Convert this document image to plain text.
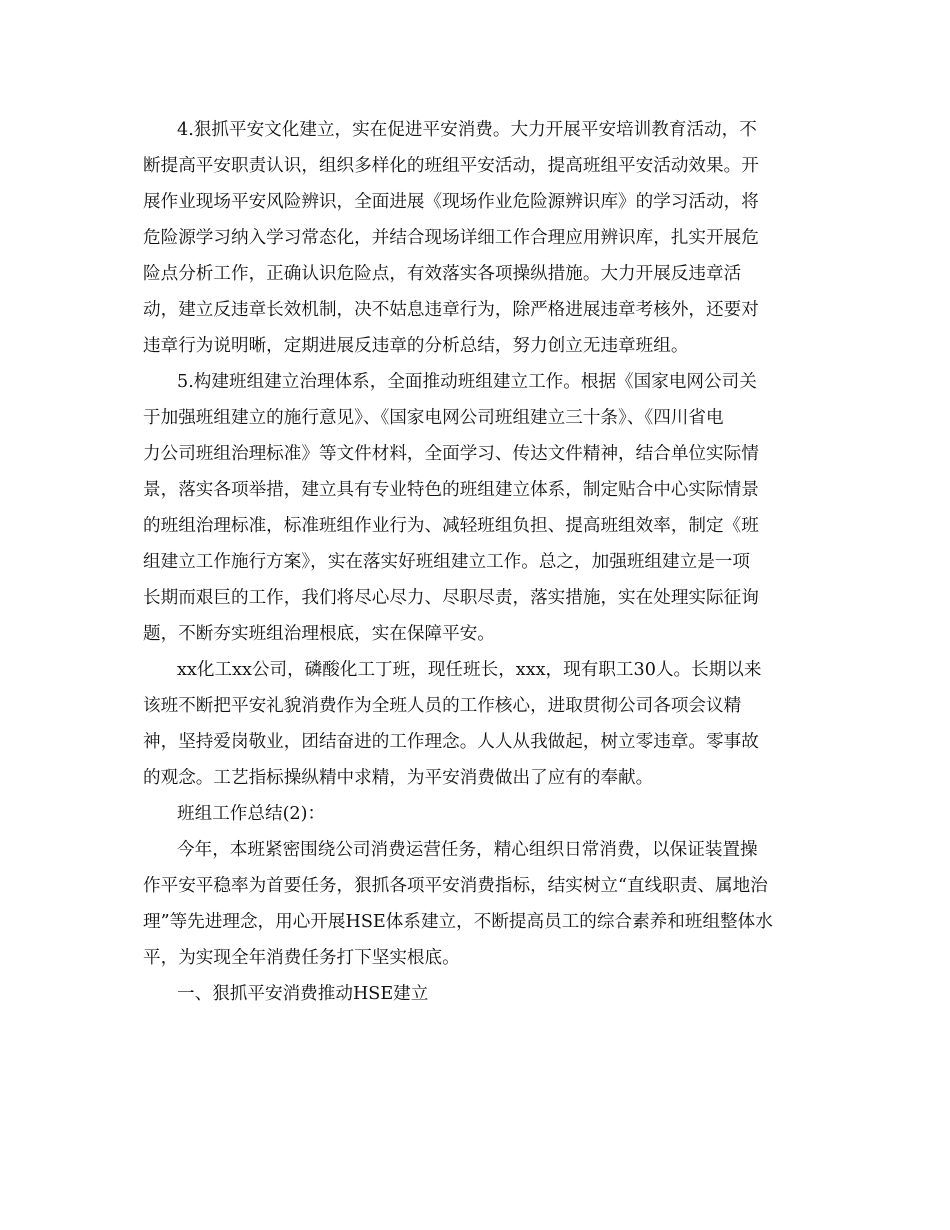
4.狠抓平安文化建立，实在促进平安消费。大力开展平安培训教育活动，不
断提高平安职责认识，组织多样化的班组平安活动，提高班组平安活动效果。开
展作业现场平安风险辨识，全面进展《现场作业危险源辨识库》的学习活动，将
危险源学习纳入学习常态化，并结合现场详细工作合理应用辨识库，扎实开展危
险点分析工作，正确认识危险点，有效落实各项操纵措施。大力开展反违章活
动，建立反违章长效机制，决不姑息违章行为，除严格进展违章考核外，还要对
违章行为说明晰，定期进展反违章的分析总结，努力创立无违章班组。
5.构建班组建立治理体系，全面推动班组建立工作。根据《国家电网公司关
于加强班组建立的施行意见》、《国家电网公司班组建立三十条》、《四川省电
力公司班组治理标准》等文件材料，全面学习、传达文件精神，结合单位实际情
景，落实各项举措，建立具有专业特色的班组建立体系，制定贴合中心实际情景
的班组治理标准，标准班组作业行为、减轻班组负担、提高班组效率，制定《班
组建立工作施行方案》，实在落实好班组建立工作。总之，加强班组建立是一项
长期而艰巨的工作，我们将尽心尽力、尽职尽责，落实措施，实在处理实际征询
题，不断夯实班组治理根底，实在保障平安。
xx化工xx公司，磷酸化工丁班，现任班长，xxx，现有职工30人。长期以来
该班不断把平安礼貌消费作为全班人员的工作核心，进取贯彻公司各项会议精
神，坚持爱岗敬业，团结奋进的工作理念。人人从我做起，树立零违章。零事故
的观念。工艺指标操纵精中求精，为平安消费做出了应有的奉献。
班组工作总结(2)：
今年，本班紧密围绕公司消费运营任务，精心组织日常消费，以保证装置操
作平安平稳率为首要任务，狠抓各项平安消费指标，结实树立“直线职责、属地治
理”等先进理念，用心开展HSE体系建立，不断提高员工的综合素养和班组整体水
平，为实现全年消费任务打下坚实根底。
一、狠抓平安消费推动HSE建立
